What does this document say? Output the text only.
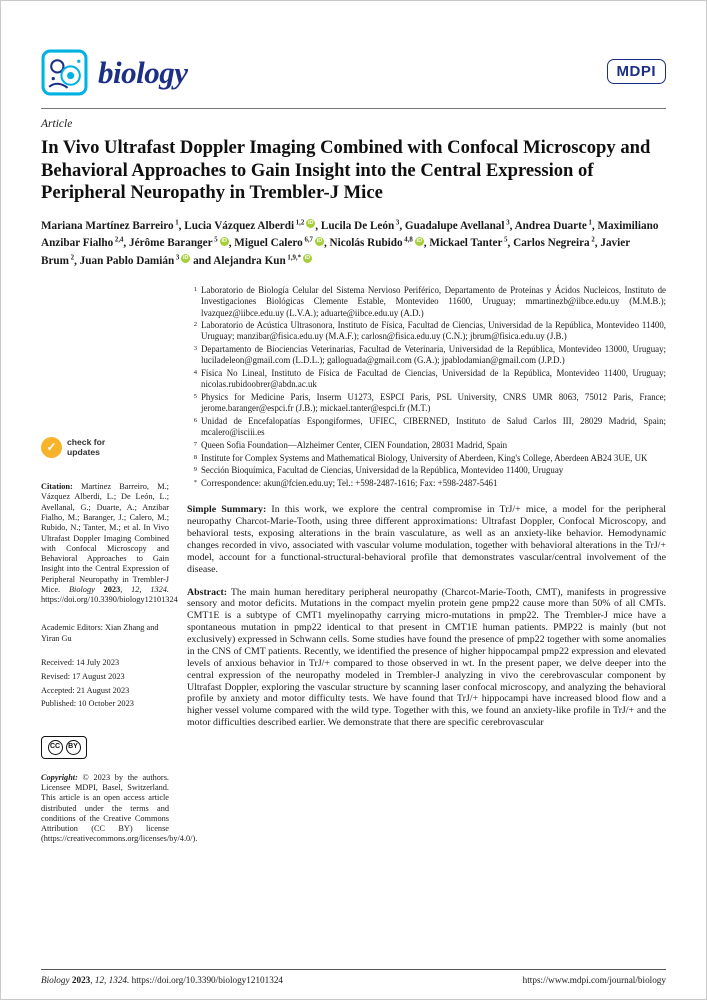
biology	MDPI
Article
In Vivo Ultrafast Doppler Imaging Combined with Confocal Microscopy and Behavioral Approaches to Gain Insight into the Central Expression of Peripheral Neuropathy in Trembler-J Mice
Mariana Martínez Barreiro $^1$, Lucia Vázquez Alberdi $^{1,2}$ iD , Lucila De León $^3$, Guadalupe Avellanal $^3$, Andrea Duarte $^1$, Maximiliano Anzibar Fialho $^{2,4}$, Jérôme Baranger $^5$ iD , Miguel Calero $^{6,7}$ iD , Nicolás Rubido $^{4,8}$ iD , Mickael Tanter $^5$, Carlos Negreira $^2$, Javier Brum $^2$, Juan Pablo Damián $^3$ iD and Alejandra Kun $^{1,9,*}$ iD
✓	check for
updates

Citation: Martínez Barreiro, M.; Vázquez Alberdi, L.; De León, L.; Avellanal, G.; Duarte, A.; Anzibar Fialho, M.; Baranger, J.; Calero, M.; Rubido, N.; Tanter, M.; et al. In Vivo Ultrafast Doppler Imaging Combined with Confocal Microscopy and Behavioral Approaches to Gain Insight into the Central Expression of Peripheral Neuropathy in Trembler-J Mice. Biology 2023, 12, 1324. https://doi.org/10.3390/biology12101324

Academic Editors: Xian Zhang and Yiran Gu

Received: 14 July 2023

Revised: 17 August 2023

Accepted: 21 August 2023

Published: 10 October 2023

CC	BY

Copyright: © 2023 by the authors. Licensee MDPI, Basel, Switzerland. This article is an open access article distributed under the terms and conditions of the Creative Commons Attribution (CC BY) license (https://creativecommons.org/licenses/by/4.0/).

1 Laboratorio de Biología Celular del Sistema Nervioso Periférico, Departamento de Proteínas y Ácidos Nucleicos, Instituto de Investigaciones Biológicas Clemente Estable, Montevideo 11600, Uruguay; mmartinezb@iibce.edu.uy (M.M.B.); lvazquez@iibce.edu.uy (L.V.A.); aduarte@iibce.edu.uy (A.D.)
2 Laboratorio de Acústica Ultrasonora, Instituto de Física, Facultad de Ciencias, Universidad de la República, Montevideo 11400, Uruguay; manzibar@fisica.edu.uy (M.A.F.); carlosn@fisica.edu.uy (C.N.); jbrum@fisica.edu.uy (J.B.)
3 Departamento de Biociencias Veterinarias, Facultad de Veterinaria, Universidad de la República, Montevideo 13000, Uruguay; luciladeleon@gmail.com (L.D.L.); galloguada@gmail.com (G.A.); jpablodamian@gmail.com (J.P.D.)
4 Física No Lineal, Instituto de Física de Facultad de Ciencias, Universidad de la República, Montevideo 11400, Uruguay; nicolas.rubidoobrer@abdn.ac.uk
5 Physics for Medicine Paris, Inserm U1273, ESPCI Paris, PSL University, CNRS UMR 8063, 75012 Paris, France; jerome.baranger@espci.fr (J.B.); mickael.tanter@espci.fr (M.T.)
6 Unidad de Encefalopatías Espongiformes, UFIEC, CIBERNED, Instituto de Salud Carlos III, 28029 Madrid, Spain; mcalero@isciii.es
7 Queen Sofia Foundation—Alzheimer Center, CIEN Foundation, 28031 Madrid, Spain
8 Institute for Complex Systems and Mathematical Biology, University of Aberdeen, King's College, Aberdeen AB24 3UE, UK
9 Sección Bioquímica, Facultad de Ciencias, Universidad de la República, Montevideo 11400, Uruguay
* Correspondence: akun@fcien.edu.uy; Tel.: +598-2487-1616; Fax: +598-2487-5461

Simple Summary: In this work, we explore the central compromise in TrJ/+ mice, a model for the peripheral neuropathy Charcot-Marie-Tooth, using three different approximations: Ultrafast Doppler, Confocal Microscopy, and behavioral tests, exposing alterations in the brain vasculature, as well as an anxiety-like behavior. Hemodynamic changes recorded in vivo, associated with vascular volume modulation, together with behavioral alterations in the TrJ/+ model, account for a functional-structural-behavioral profile that demonstrates vascular/central involvement of the disease.

Abstract: The main human hereditary peripheral neuropathy (Charcot-Marie-Tooth, CMT), manifests in progressive sensory and motor deficits. Mutations in the compact myelin protein gene pmp22 cause more than 50% of all CMTs. CMT1E is a subtype of CMT1 myelinopathy carrying micro-mutations in pmp22. The Trembler-J mice have a spontaneous mutation in pmp22 identical to that present in CMT1E human patients. PMP22 is mainly (but not exclusively) expressed in Schwann cells. Some studies have found the presence of pmp22 together with some anomalies in the CNS of CMT patients. Recently, we identified the presence of higher hippocampal pmp22 expression and elevated levels of anxious behavior in TrJ/+ compared to those observed in wt. In the present paper, we delve deeper into the central expression of the neuropathy modeled in Trembler-J analyzing in vivo the cerebrovascular component by Ultrafast Doppler, exploring the vascular structure by scanning laser confocal microscopy, and analyzing the behavioral profile by anxiety and motor difficulty tests. We have found that TrJ/+ hippocampi have increased blood flow and a higher vessel volume compared with the wild type. Together with this, we found an anxiety-like profile in TrJ/+ and the motor difficulties described earlier. We demonstrate that there are specific cerebrovascular

Biology 2023, 12, 1324. https://doi.org/10.3390/biology12101324	https://www.mdpi.com/journal/biology
